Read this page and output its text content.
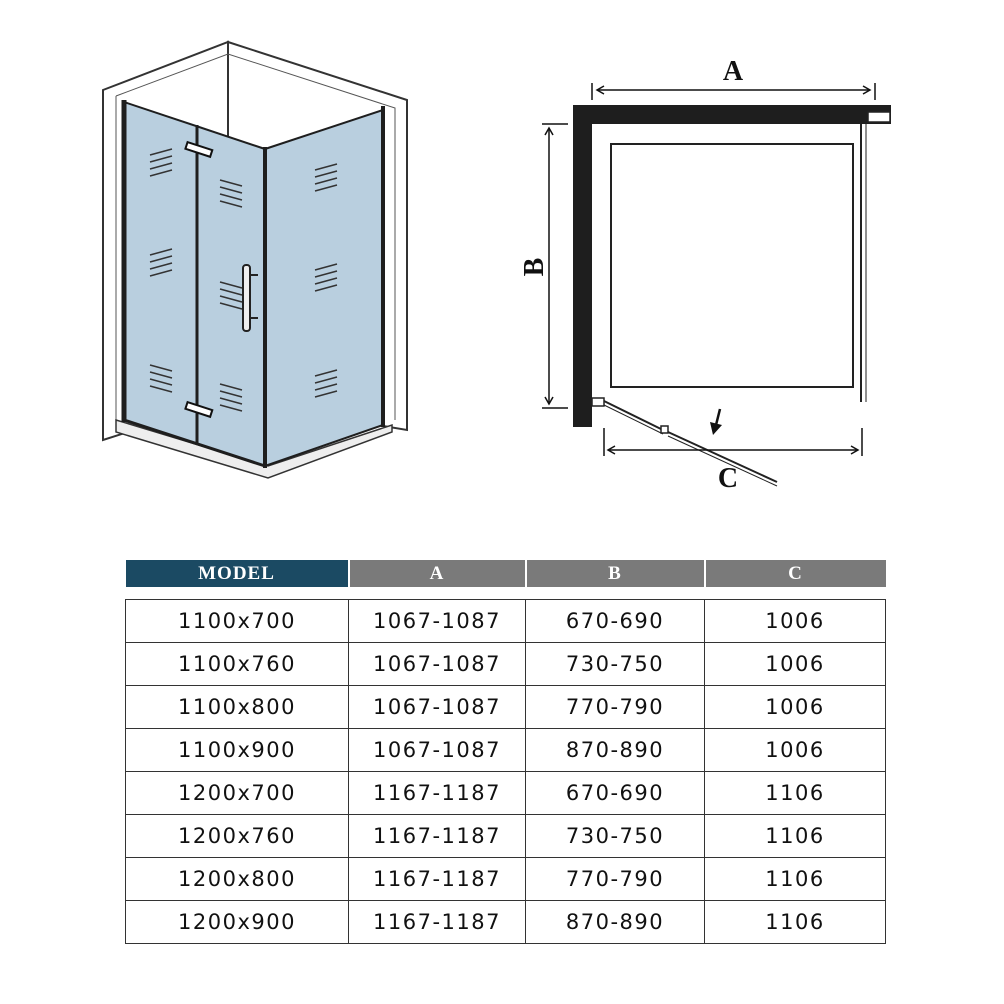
A
B
C
MODEL	A	B	C

1100x700	1067-1087	670-690	1006
1100x760	1067-1087	730-750	1006
1100x800	1067-1087	770-790	1006
1100x900	1067-1087	870-890	1006
1200x700	1167-1187	670-690	1106
1200x760	1167-1187	730-750	1106
1200x800	1167-1187	770-790	1106
1200x900	1167-1187	870-890	1106
